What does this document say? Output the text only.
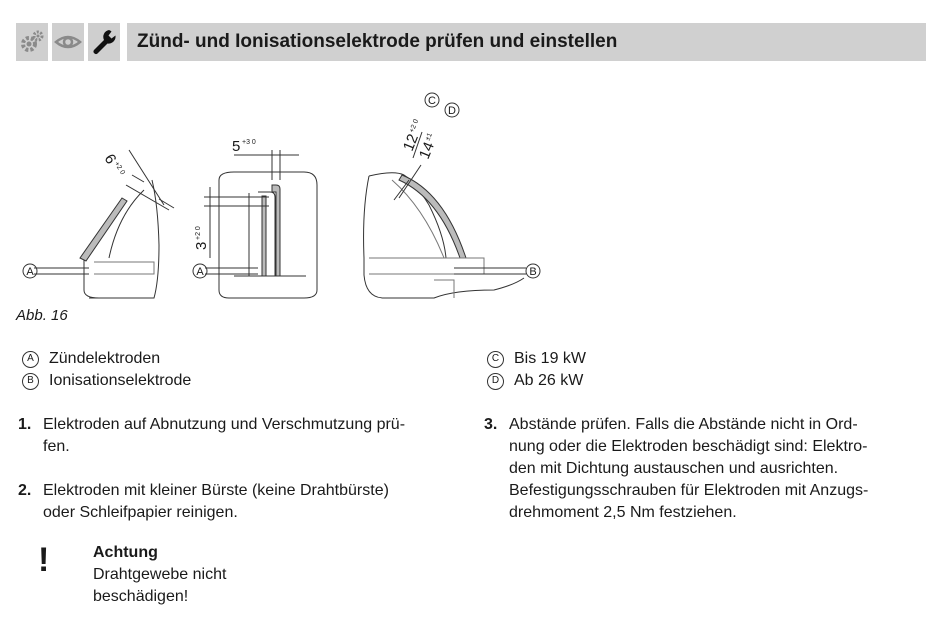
Zünd- und Ionisationselektrode prüfen und einstellen
A	A	B
C
D
6
+2 0
5 +3 0
3
+2 0
12
+2 0
14
±1
Abb. 16
A Zündelektroden
B Ionisationselektrode
C Bis 19 kW
D Ab 26 kW
1. Elektroden auf Abnutzung und Verschmutzung prü-
fen.
2. Elektroden mit kleiner Bürste (keine Drahtbürste)
oder Schleifpapier reinigen.
3. Abstände prüfen. Falls die Abstände nicht in Ord-
nung oder die Elektroden beschädigt sind: Elektro-
den mit Dichtung austauschen und ausrichten.
Befestigungsschrauben für Elektroden mit Anzugs-
drehmoment 2,5 Nm festziehen.
!	Achtung
Drahtgewebe nicht
beschädigen!
